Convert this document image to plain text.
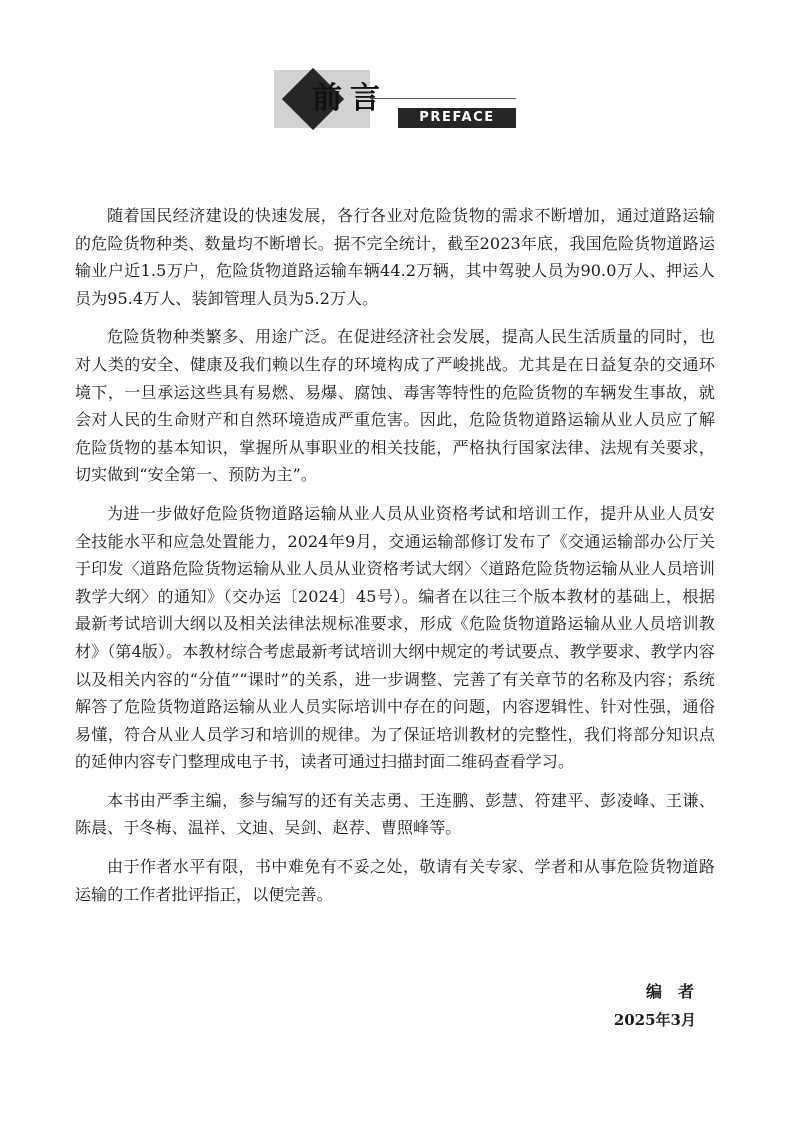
前言
PREFACE

随着国民经济建设的快速发展，各行各业对危险货物的需求不断增加，通过道路运输的危险货物种类、数量均不断增长。据不完全统计，截至2023年底，我国危险货物道路运输业户近1.5万户，危险货物道路运输车辆44.2万辆，其中驾驶人员为90.0万人、押运人员为95.4万人、装卸管理人员为5.2万人。

危险货物种类繁多、用途广泛。在促进经济社会发展，提高人民生活质量的同时，也对人类的安全、健康及我们赖以生存的环境构成了严峻挑战。尤其是在日益复杂的交通环境下，一旦承运这些具有易燃、易爆、腐蚀、毒害等特性的危险货物的车辆发生事故，就会对人民的生命财产和自然环境造成严重危害。因此，危险货物道路运输从业人员应了解危险货物的基本知识，掌握所从事职业的相关技能，严格执行国家法律、法规有关要求，切实做到“安全第一、预防为主”。

为进一步做好危险货物道路运输从业人员从业资格考试和培训工作，提升从业人员安全技能水平和应急处置能力，2024年9月，交通运输部修订发布了《交通运输部办公厅关于印发〈道路危险货物运输从业人员从业资格考试大纲〉〈道路危险货物运输从业人员培训教学大纲〉的通知》（交办运〔2024〕45号）。编者在以往三个版本教材的基础上，根据最新考试培训大纲以及相关法律法规标准要求，形成《危险货物道路运输从业人员培训教材》（第4版）。本教材综合考虑最新考试培训大纲中规定的考试要点、教学要求、教学内容以及相关内容的“分值”“课时”的关系，进一步调整、完善了有关章节的名称及内容；系统解答了危险货物道路运输从业人员实际培训中存在的问题，内容逻辑性、针对性强，通俗易懂，符合从业人员学习和培训的规律。为了保证培训教材的完整性，我们将部分知识点的延伸内容专门整理成电子书，读者可通过扫描封面二维码查看学习。

本书由严季主编，参与编写的还有关志勇、王连鹏、彭慧、符建平、彭凌峰、王谦、陈晨、于冬梅、温祥、文迪、吴剑、赵荐、曹照峰等。

由于作者水平有限，书中难免有不妥之处，敬请有关专家、学者和从事危险货物道路运输的工作者批评指正，以便完善。

编者
2025年3月
